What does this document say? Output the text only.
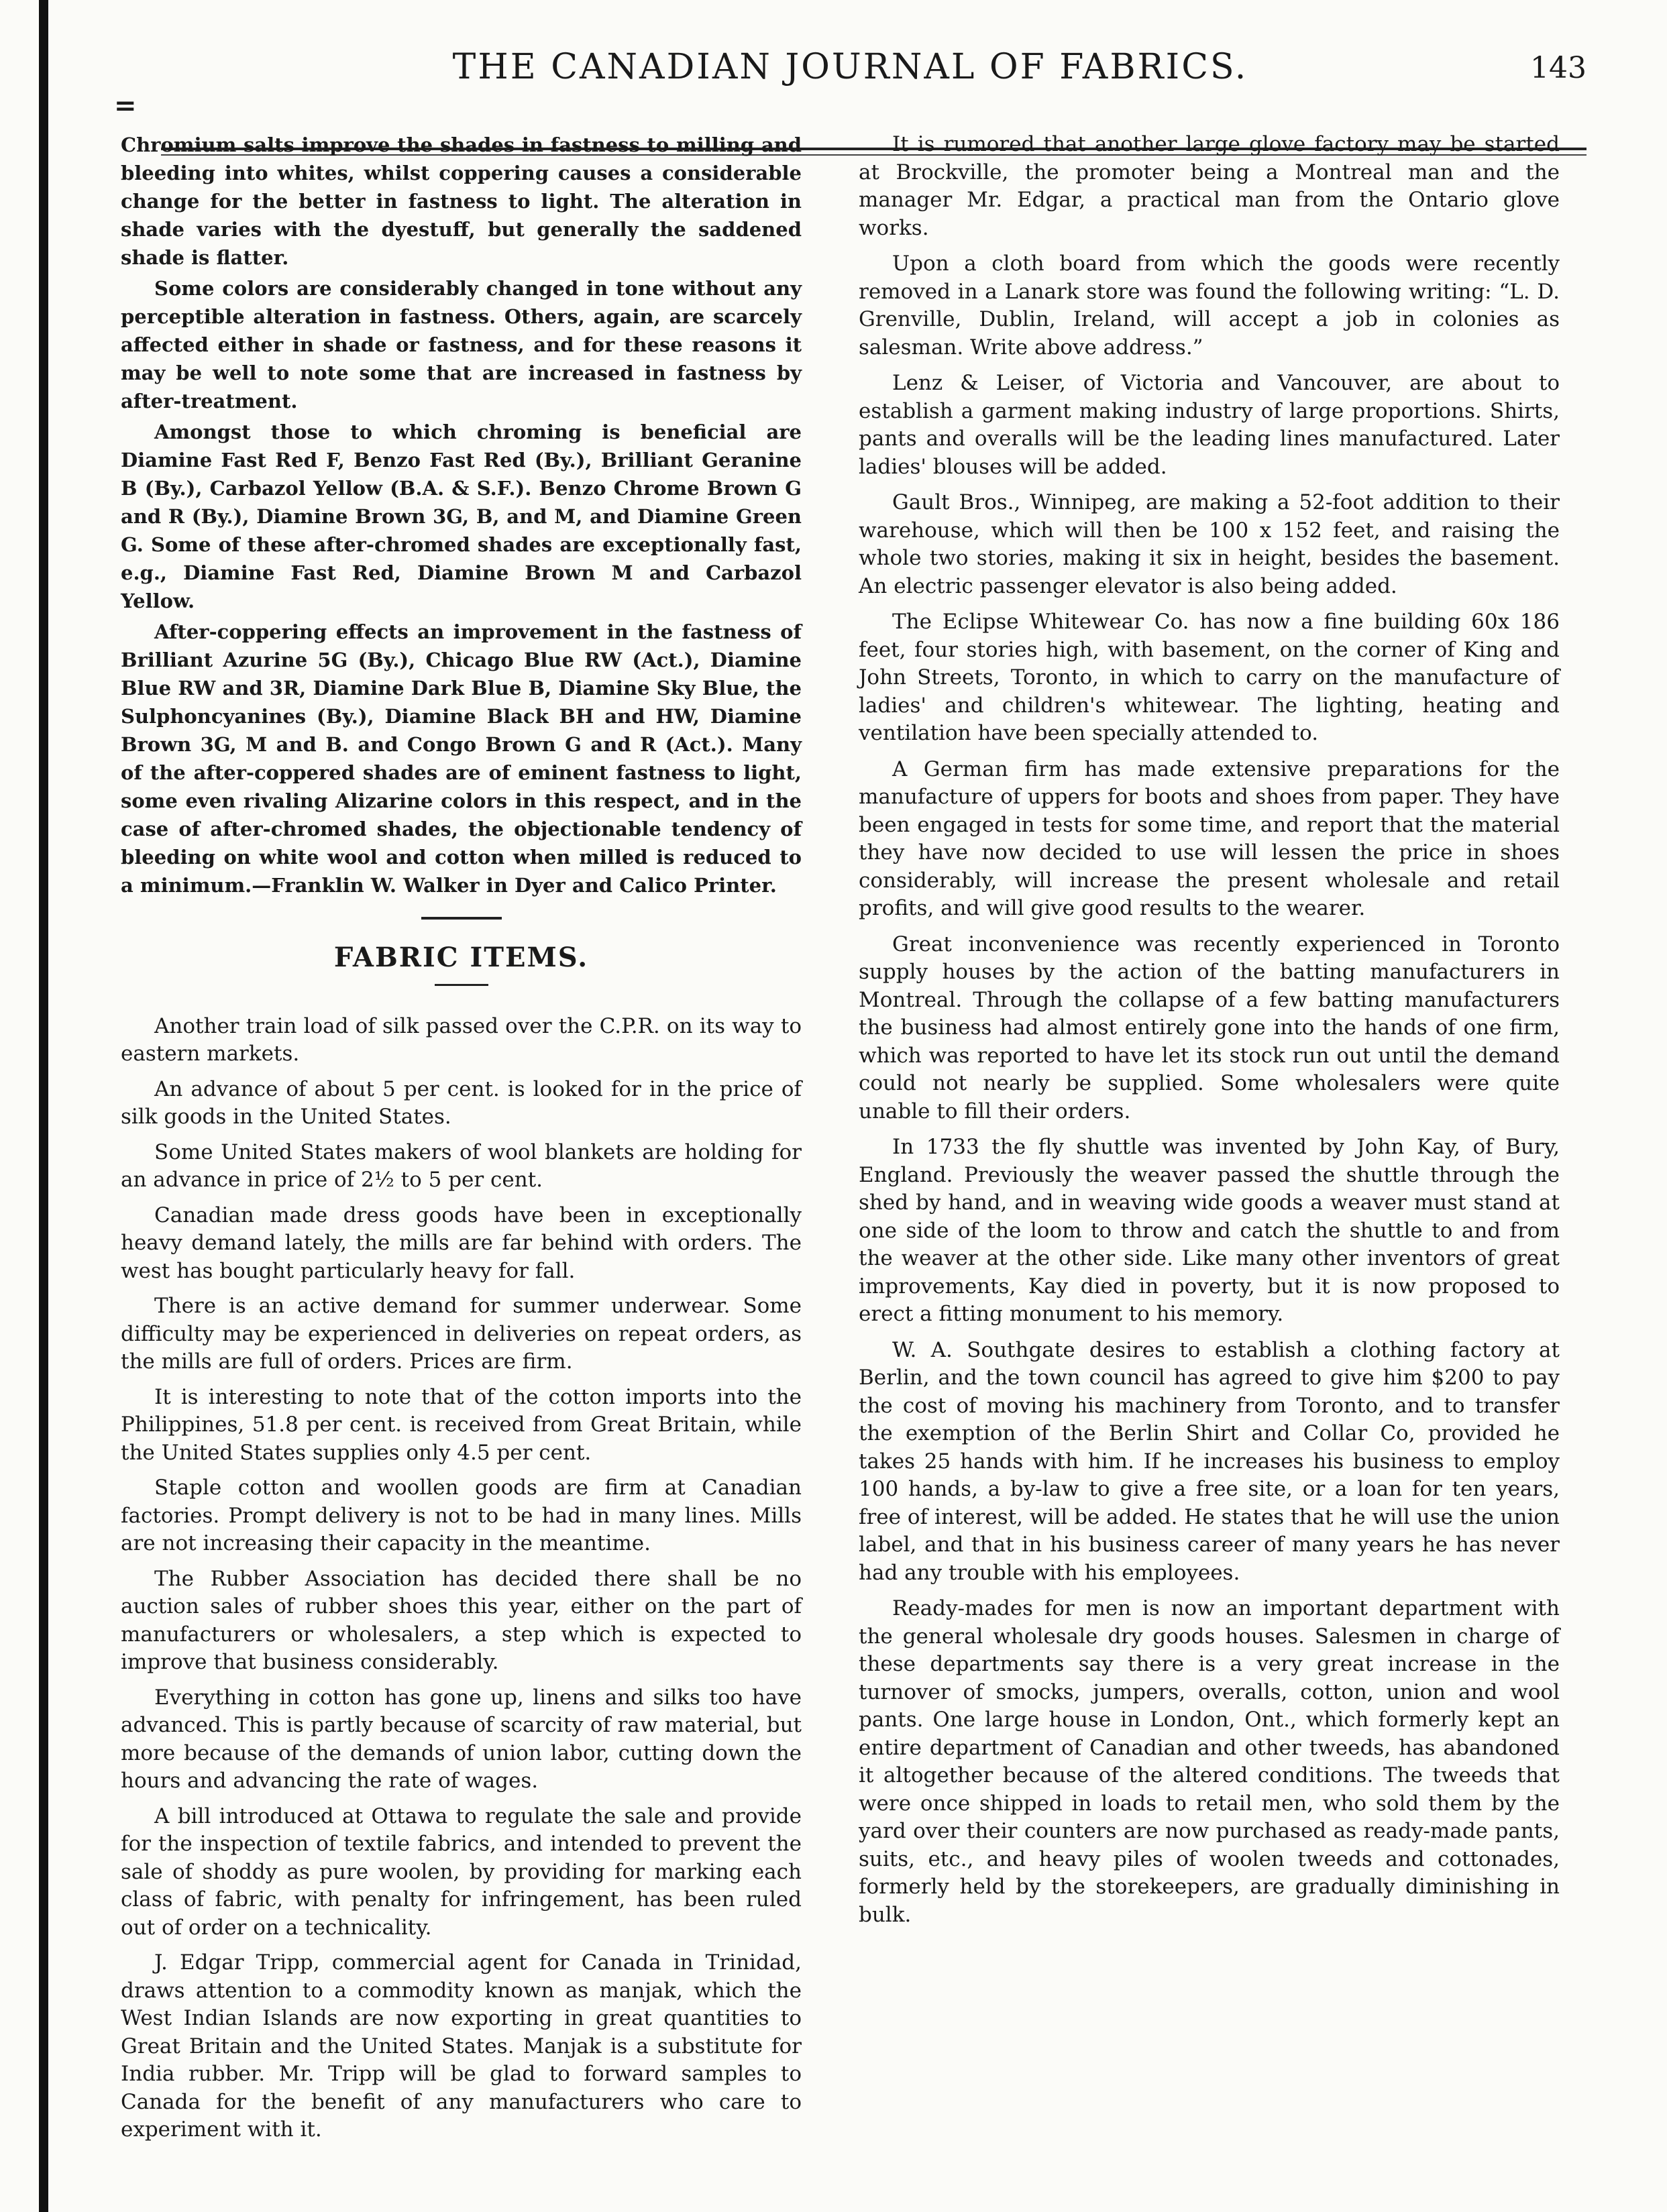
THE CANADIAN JOURNAL OF FABRICS.	143
=

Chromium salts improve the shades in fastness to milling and bleeding into whites, whilst coppering causes a considerable change for the better in fastness to light. The alteration in shade varies with the dyestuff, but generally the saddened shade is flatter.

Some colors are considerably changed in tone without any perceptible alteration in fastness. Others, again, are scarcely affected either in shade or fastness, and for these reasons it may be well to note some that are increased in fastness by after-treatment.

Amongst those to which chroming is beneficial are Diamine Fast Red F, Benzo Fast Red (By.), Brilliant Geranine B (By.), Carbazol Yellow (B.A. & S.F.). Benzo Chrome Brown G and R (By.), Diamine Brown 3G, B, and M, and Diamine Green G. Some of these after-chromed shades are exceptionally fast, e.g., Diamine Fast Red, Diamine Brown M and Carbazol Yellow.

After-coppering effects an improvement in the fastness of Brilliant Azurine 5G (By.), Chicago Blue RW (Act.), Diamine Blue RW and 3R, Diamine Dark Blue B, Diamine Sky Blue, the Sulphoncyanines (By.), Diamine Black BH and HW, Diamine Brown 3G, M and B. and Congo Brown G and R (Act.). Many of the after-coppered shades are of eminent fastness to light, some even rivaling Alizarine colors in this respect, and in the case of after-chromed shades, the objectionable tendency of bleeding on white wool and cotton when milled is reduced to a minimum.—Franklin W. Walker in Dyer and Calico Printer.

FABRIC ITEMS.

Another train load of silk passed over the C.P.R. on its way to eastern markets.

An advance of about 5 per cent. is looked for in the price of silk goods in the United States.

Some United States makers of wool blankets are holding for an advance in price of 2½ to 5 per cent.

Canadian made dress goods have been in exceptionally heavy demand lately, the mills are far behind with orders. The west has bought particularly heavy for fall.

There is an active demand for summer underwear. Some difficulty may be experienced in deliveries on repeat orders, as the mills are full of orders. Prices are firm.

It is interesting to note that of the cotton imports into the Philippines, 51.8 per cent. is received from Great Britain, while the United States supplies only 4.5 per cent.

Staple cotton and woollen goods are firm at Canadian factories. Prompt delivery is not to be had in many lines. Mills are not increasing their capacity in the meantime.

The Rubber Association has decided there shall be no auction sales of rubber shoes this year, either on the part of manufacturers or wholesalers, a step which is expected to improve that business considerably.

Everything in cotton has gone up, linens and silks too have advanced. This is partly because of scarcity of raw material, but more because of the demands of union labor, cutting down the hours and advancing the rate of wages.

A bill introduced at Ottawa to regulate the sale and provide for the inspection of textile fabrics, and intended to prevent the sale of shoddy as pure woolen, by providing for marking each class of fabric, with penalty for infringement, has been ruled out of order on a technicality.

J. Edgar Tripp, commercial agent for Canada in Trinidad, draws attention to a commodity known as manjak, which the West Indian Islands are now exporting in great quantities to Great Britain and the United States. Manjak is a substitute for India rubber. Mr. Tripp will be glad to forward samples to Canada for the benefit of any manufacturers who care to experiment with it.

It is rumored that another large glove factory may be started at Brockville, the promoter being a Montreal man and the manager Mr. Edgar, a practical man from the Ontario glove works.

Upon a cloth board from which the goods were recently removed in a Lanark store was found the following writing: “L. D. Grenville, Dublin, Ireland, will accept a job in colonies as salesman. Write above address.”

Lenz & Leiser, of Victoria and Vancouver, are about to establish a garment making industry of large proportions. Shirts, pants and overalls will be the leading lines manufactured. Later ladies' blouses will be added.

Gault Bros., Winnipeg, are making a 52-foot addition to their warehouse, which will then be 100 x 152 feet, and raising the whole two stories, making it six in height, besides the basement. An electric passenger elevator is also being added.

The Eclipse Whitewear Co. has now a fine building 60x 186 feet, four stories high, with basement, on the corner of King and John Streets, Toronto, in which to carry on the manufacture of ladies' and children's whitewear. The lighting, heating and ventilation have been specially attended to.

A German firm has made extensive preparations for the manufacture of uppers for boots and shoes from paper. They have been engaged in tests for some time, and report that the material they have now decided to use will lessen the price in shoes considerably, will increase the present wholesale and retail profits, and will give good results to the wearer.

Great inconvenience was recently experienced in Toronto supply houses by the action of the batting manufacturers in Montreal. Through the collapse of a few batting manufacturers the business had almost entirely gone into the hands of one firm, which was reported to have let its stock run out until the demand could not nearly be supplied. Some wholesalers were quite unable to fill their orders.

In 1733 the fly shuttle was invented by John Kay, of Bury, England. Previously the weaver passed the shuttle through the shed by hand, and in weaving wide goods a weaver must stand at one side of the loom to throw and catch the shuttle to and from the weaver at the other side. Like many other inventors of great improvements, Kay died in poverty, but it is now proposed to erect a fitting monument to his memory.

W. A. Southgate desires to establish a clothing factory at Berlin, and the town council has agreed to give him $200 to pay the cost of moving his machinery from Toronto, and to transfer the exemption of the Berlin Shirt and Collar Co, provided he takes 25 hands with him. If he increases his business to employ 100 hands, a by-law to give a free site, or a loan for ten years, free of interest, will be added. He states that he will use the union label, and that in his business career of many years he has never had any trouble with his employees.

Ready-mades for men is now an important department with the general wholesale dry goods houses. Salesmen in charge of these departments say there is a very great increase in the turnover of smocks, jumpers, overalls, cotton, union and wool pants. One large house in London, Ont., which formerly kept an entire department of Canadian and other tweeds, has abandoned it altogether because of the altered conditions. The tweeds that were once shipped in loads to retail men, who sold them by the yard over their counters are now purchased as ready-made pants, suits, etc., and heavy piles of woolen tweeds and cottonades, formerly held by the storekeepers, are gradually diminishing in bulk.
